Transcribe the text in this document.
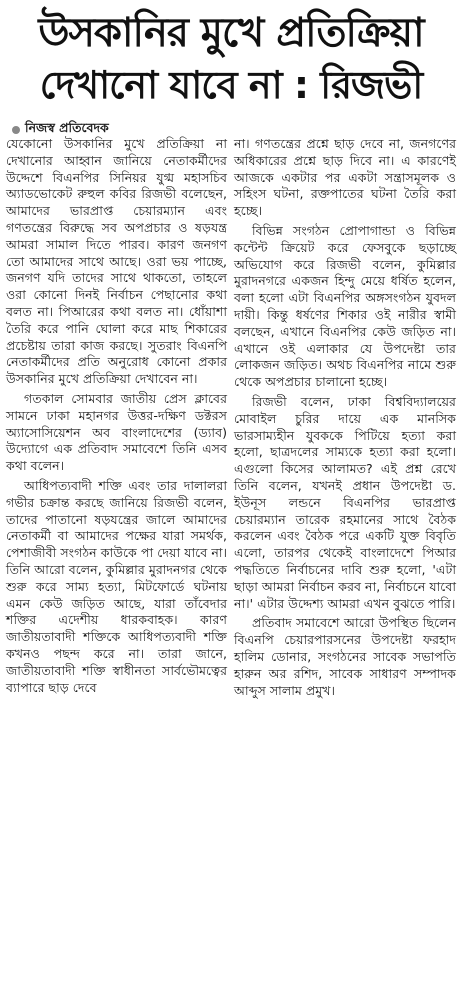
উসকানির মুখে প্রতিক্রিয়া
দেখানো যাবে না : রিজভী
নিজস্ব প্রতিবেদক

যেকোনো উসকানির মুখে প্রতিক্রিয়া না দেখানোর আহ্বান জানিয়ে নেতাকর্মীদের উদ্দেশে বিএনপির সিনিয়র যুগ্ম মহাসচিব অ্যাডভোকেট রুহুল কবির রিজভী বলেছেন, আমাদের ভারপ্রাপ্ত চেয়ারম্যান এবং গণতন্ত্রের বিরুদ্ধে সব অপপ্রচার ও ষড়যন্ত্র আমরা সামাল দিতে পারব। কারণ জনগণ তো আমাদের সাথে আছে। ওরা ভয় পাচ্ছে, জনগণ যদি তাদের সাথে থাকতো, তাহলে ওরা কোনো দিনই নির্বাচন পেছানোর কথা বলত না। পিআরের কথা বলত না। ধোঁয়াশা তৈরি করে পানি ঘোলা করে মাছ শিকারের প্রচেষ্টায় তারা কাজ করছে। সুতরাং বিএনপি নেতাকর্মীদের প্রতি অনুরোধ কোনো প্রকার উসকানির মুখে প্রতিক্রিয়া দেখাবেন না।

গতকাল সোমবার জাতীয় প্রেস ক্লাবের সামনে ঢাকা মহানগর উত্তর-দক্ষিণ ডক্টরস অ্যাসোসিয়েশন অব বাংলাদেশের (ড্যাব) উদ্যোগে এক প্রতিবাদ সমাবেশে তিনি এসব কথা বলেন।

আধিপত্যবাদী শক্তি এবং তার দালালরা গভীর চক্রান্ত করছে জানিয়ে রিজভী বলেন, তাদের পাতানো ষড়যন্ত্রের জালে আমাদের নেতাকর্মী বা আমাদের পক্ষের যারা সমর্থক, পেশাজীবী সংগঠন কাউকে পা দেয়া যাবে না। তিনি আরো বলেন, কুমিল্লার মুরাদনগর থেকে শুরু করে সাম্য হত্যা, মিটফোর্ডে ঘটনায় এমন কেউ জড়িত আছে, যারা তাঁবেদার শক্তির এদেশীয় ধারকবাহক। কারণ জাতীয়তাবাদী শক্তিকে আধিপত্যবাদী শক্তি কখনও পছন্দ করে না। তারা জানে, জাতীয়তাবাদী শক্তি স্বাধীনতা সার্বভৌমত্বের ব্যাপারে ছাড় দেবে

না। গণতন্ত্রের প্রশ্নে ছাড় দেবে না, জনগণের অধিকারের প্রশ্নে ছাড় দিবে না। এ কারণেই আজকে একটার পর একটা সন্ত্রাসমূলক ও সহিংস ঘটনা, রক্তপাতের ঘটনা তৈরি করা হচ্ছে।

বিভিন্ন সংগঠন প্রোপাগান্ডা ও বিভিন্ন কন্টেন্ট ক্রিয়েট করে ফেসবুকে ছড়াচ্ছে অভিযোগ করে রিজভী বলেন, কুমিল্লার মুরাদনগরে একজন হিন্দু মেয়ে ধর্ষিত হলেন, বলা হলো এটা বিএনপির অঙ্গসংগঠন যুবদল দায়ী। কিন্তু ধর্ষণের শিকার ওই নারীর স্বামী বলছেন, এখানে বিএনপির কেউ জড়িত না। এখানে ওই এলাকার যে উপদেষ্টা তার লোকজন জড়িত। অথচ বিএনপির নামে শুরু থেকে অপপ্রচার চালানো হচ্ছে।

রিজভী বলেন, ঢাকা বিশ্ববিদ্যালয়ের মোবাইল চুরির দায়ে এক মানসিক ভারসাম্যহীন যুবককে পিটিয়ে হত্যা করা হলো, ছাত্রদলের সাম্যকে হত্যা করা হলো। এগুলো কিসের আলামত? এই প্রশ্ন রেখে তিনি বলেন, যখনই প্রধান উপদেষ্টা ড. ইউনূস লন্ডনে বিএনপির ভারপ্রাপ্ত চেয়ারম্যান তারেক রহমানের সাথে বৈঠক করলেন এবং বৈঠক পরে একটি যুক্ত বিবৃতি এলো, তারপর থেকেই বাংলাদেশে পিআর পদ্ধতিতে নির্বাচনের দাবি শুরু হলো, 'এটা ছাড়া আমরা নির্বাচন করব না, নির্বাচনে যাবো না।' এটার উদ্দেশ্য আমরা এখন বুঝতে পারি।

প্রতিবাদ সমাবেশে আরো উপস্থিত ছিলেন বিএনপি চেয়ারপারসনের উপদেষ্টা ফরহাদ হালিম ডোনার, সংগঠনের সাবেক সভাপতি হারুন অর রশিদ, সাবেক সাধারণ সম্পাদক আব্দুস সালাম প্রমুখ।
